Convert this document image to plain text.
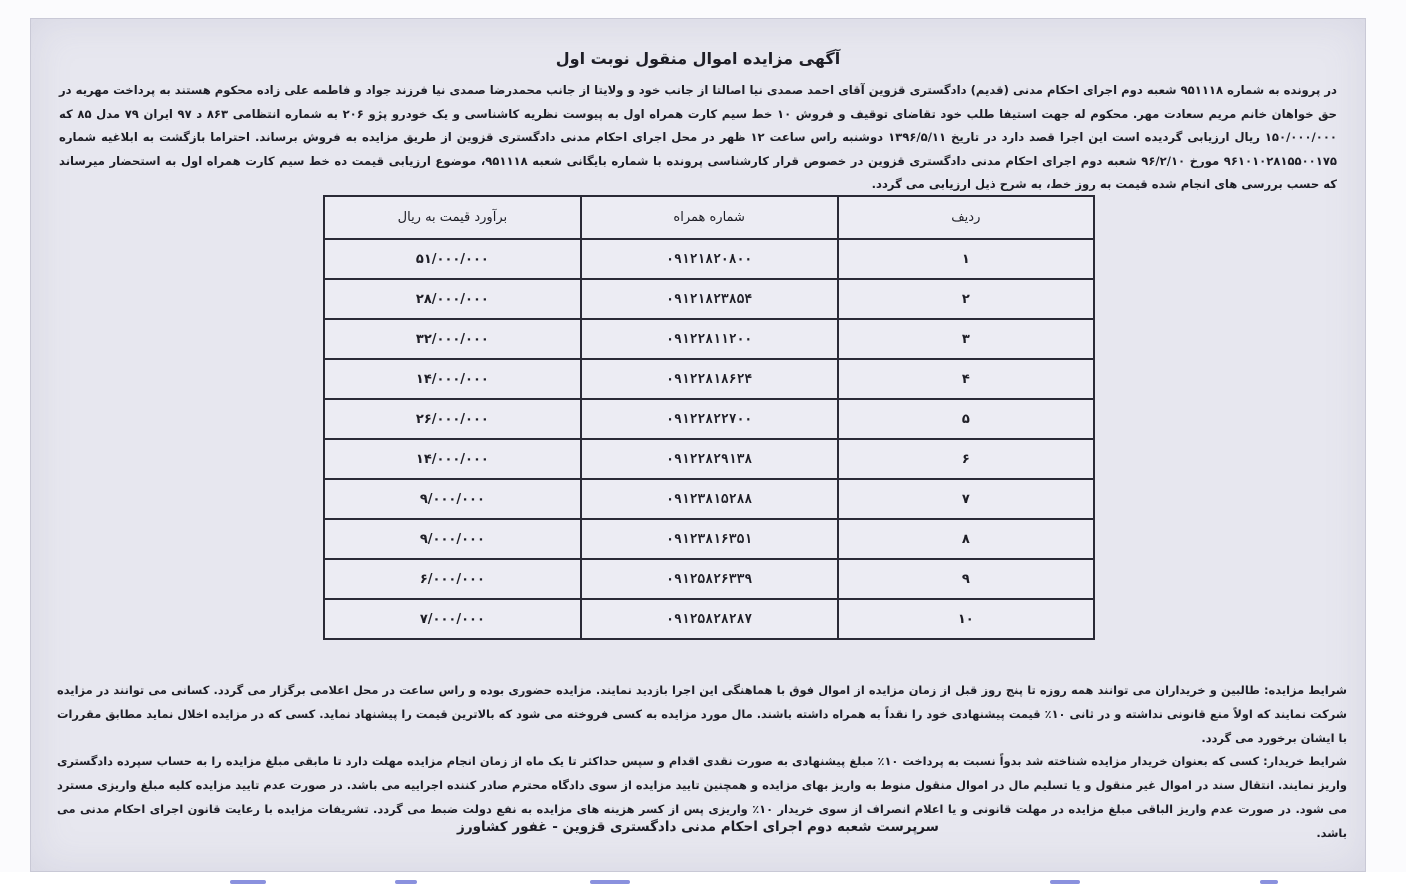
آگهی مزایده اموال منقول نوبت اول

در پرونده به شماره ۹۵۱۱۱۸ شعبه دوم اجرای احکام مدنی (قدیم) دادگستری قزوین آقای احمد صمدی نیا اصالتا از جانب خود و ولایتا از جانب محمدرضا صمدی نیا فرزند جواد و فاطمه علی زاده محکوم هستند به پرداخت مهریه در حق خواهان خانم مریم سعادت مهر. محکوم له جهت استیفا طلب خود تقاضای توقیف و فروش ۱۰ خط سیم کارت همراه اول به پیوست نظریه کاشناسی و یک خودرو پژو ۲۰۶ به شماره انتظامی ۸۶۳ د ۹۷ ایران ۷۹ مدل ۸۵ که ۱۵۰/۰۰۰/۰۰۰ ریال ارزیابی گردیده است این اجرا قصد دارد در تاریخ ۱۳۹۶/۵/۱۱ دوشنبه راس ساعت ۱۲ ظهر در محل اجرای احکام مدنی دادگستری قزوین از طریق مزایده به فروش برساند. احتراما بازگشت به ابلاغیه شماره ۹۶۱۰۱۰۲۸۱۵۵۰۰۱۷۵ مورخ ۹۶/۲/۱۰ شعبه دوم اجرای احکام مدنی دادگستری قزوین در خصوص قرار کارشناسی پرونده با شماره بایگانی شعبه ۹۵۱۱۱۸، موضوع ارزیابی قیمت ده خط سیم کارت همراه اول به استحضار میرساند که حسب بررسی های انجام شده قیمت به روز خط، به شرح ذیل ارزیابی می گردد.

ردیف	شماره همراه	برآورد قیمت به ریال
۱	۰۹۱۲۱۸۲۰۸۰۰	۵۱/۰۰۰/۰۰۰
۲	۰۹۱۲۱۸۲۳۸۵۴	۲۸/۰۰۰/۰۰۰
۳	۰۹۱۲۲۸۱۱۲۰۰	۳۲/۰۰۰/۰۰۰
۴	۰۹۱۲۲۸۱۸۶۲۴	۱۴/۰۰۰/۰۰۰
۵	۰۹۱۲۲۸۲۲۷۰۰	۲۶/۰۰۰/۰۰۰
۶	۰۹۱۲۲۸۲۹۱۳۸	۱۴/۰۰۰/۰۰۰
۷	۰۹۱۲۳۸۱۵۲۸۸	۹/۰۰۰/۰۰۰
۸	۰۹۱۲۳۸۱۶۳۵۱	۹/۰۰۰/۰۰۰
۹	۰۹۱۲۵۸۲۶۳۳۹	۶/۰۰۰/۰۰۰
۱۰	۰۹۱۲۵۸۲۸۲۸۷	۷/۰۰۰/۰۰۰

شرایط مزایده: طالبین و خریداران می توانند همه روزه تا پنج روز قبل از زمان مزایده از اموال فوق با هماهنگی این اجرا بازدید نمایند. مزایده حضوری بوده و راس ساعت در محل اعلامی برگزار می گردد. کسانی می توانند در مزایده شرکت نمایند که اولاً منع قانونی نداشته و در ثانی ۱۰٪ قیمت پیشنهادی خود را نقداً به همراه داشته باشند. مال مورد مزایده به کسی فروخته می شود که بالاترین قیمت را پیشنهاد نماید. کسی که در مزایده اخلال نماید مطابق مقررات با ایشان برخورد می گردد.

شرایط خریدار: کسی که بعنوان خریدار مزایده شناخته شد بدواً نسبت به پرداخت ۱۰٪ مبلغ پیشنهادی به صورت نقدی اقدام و سپس حداکثر تا یک ماه از زمان انجام مزایده مهلت دارد تا مابقی مبلغ مزایده را به حساب سپرده دادگستری واریز نمایند. انتقال سند در اموال غیر منقول و یا تسلیم مال در اموال منقول منوط به واریز بهای مزایده و همچنین تایید مزایده از سوی دادگاه محترم صادر کننده اجراییه می باشد. در صورت عدم تایید مزایده کلیه مبلغ واریزی مسترد می شود. در صورت عدم واریز الباقی مبلغ مزایده در مهلت قانونی و یا اعلام انصراف از سوی خریدار ۱۰٪ واریزی پس از کسر هزینه های مزایده به نفع دولت ضبط می گردد. تشریفات مزایده با رعایت قانون اجرای احکام مدنی می باشد.

سرپرست شعبه دوم اجرای احکام مدنی دادگستری قزوین - غفور کشاورز
